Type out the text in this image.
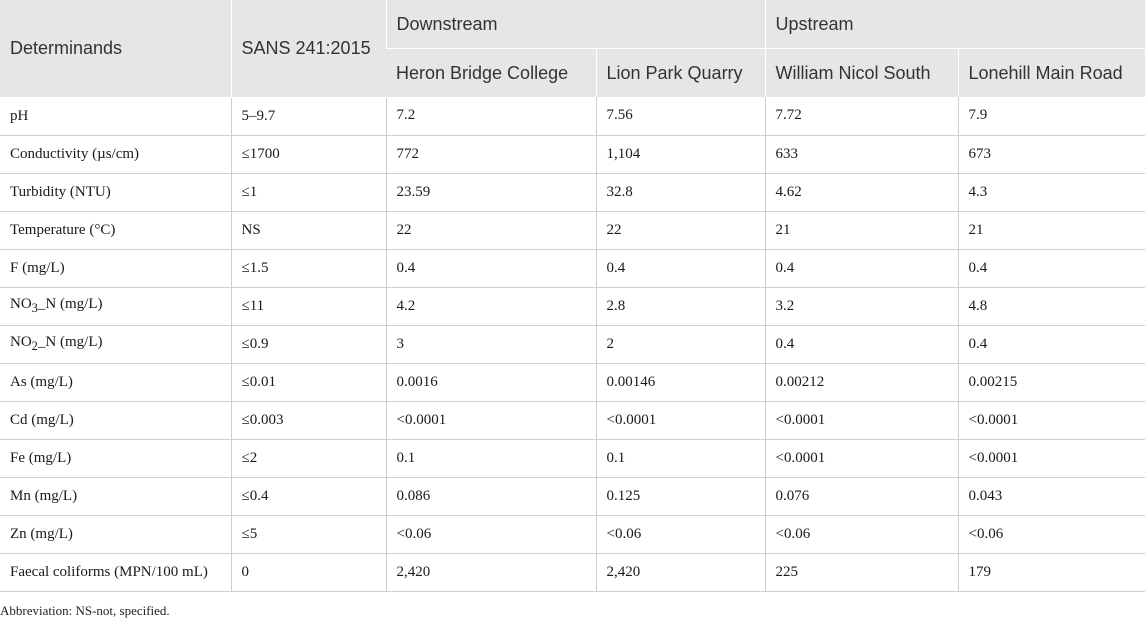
Determinands	SANS 241:2015	Downstream		Upstream	
		Heron Bridge College	Lion Park Quarry	William Nicol South	Lonehill Main Road
pH	5–9.7	7.2	7.56	7.72	7.9
Conductivity (µs/cm)	≤1700	772	1,104	633	673
Turbidity (NTU)	≤1	23.59	32.8	4.62	4.3
Temperature (°C)	NS	22	22	21	21
F (mg/L)	≤1.5	0.4	0.4	0.4	0.4
$NO_3\_N$ (mg/L)	≤11	4.2	2.8	3.2	4.8
$NO_2\_N$ (mg/L)	≤0.9	3	2	0.4	0.4
As (mg/L)	≤0.01	0.0016	0.00146	0.00212	0.00215
Cd (mg/L)	≤0.003	<0.0001	<0.0001	<0.0001	<0.0001
Fe (mg/L)	≤2	0.1	0.1	<0.0001	<0.0001
Mn (mg/L)	≤0.4	0.086	0.125	0.076	0.043
Zn (mg/L)	≤5	<0.06	<0.06	<0.06	<0.06
Faecal coliforms (MPN/100 mL)	0	2,420	2,420	225	179
Abbreviation: NS-not, specified.
